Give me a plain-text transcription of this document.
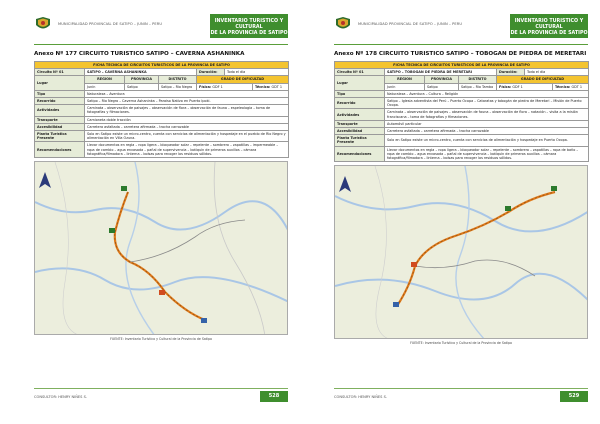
MUNICIPALIDAD PROVINCIAL DE SATIPO – JUNIN – PERU	INVENTARIO TURISTICO Y CULTURAL
DE LA PROVINCIA DE SATIPO
Anexo Nº 177 CIRCUITO TURISTICO SATIPO – CAVERNA ASHANINKA
FICHA TECNICA DE CIRCUITOS TURISTICOS DE LA PROVINCIA DE SATIPO						
Circuito Nº 01	SATIPO – CAVERNA ASHANINKA			Duración:	Todo el día	
Lugar	REGION	PROVINCIA	DISTRITO	GRADO DE DIFICULTAD		
	Junín	Satipo	Satipo – Rio Negro	Física: GDF 1		Técnica: GDT 1
Tipo	Naturaleza – Aventura					
Recorrido	Satipo – Rio Negro – Caverna Ashaninka – Paraiso Nativo en Puerto Ipoki.					
Actividades	Caminata – observación de paisajes – observación de flora – observación de fauna – espeleología – toma de fotografías y filmaciones.					
Transporte	Camioneta doble tracción					
Accesibilidad	Carretera asfaltada – carretera afirmada – trocha carrozable					
Planta Turística Presente	Solo en Satipo existe un micro-centro, cuenta con servicios de alimentación y hospedaje en el pueblo de Rio Negro y alimentación en Villa Ozuna.					
Recomendaciones	Llevar documentos en regla – ropa ligera – bloqueador solar – repelente – sombrero – zapatillas – impermeable – ropa de cambio – agua envasada – pañal de supervivencia – botiquín de primeros auxilios – cámara fotográfica/filmadora – linterna – bolsas para recoger los residuos sólidos.					
FUENTE: Inventario Turístico y Cultural de la Provincia de Satipo
CONSULTOR: HENRY NIÑES S.	528
MUNICIPALIDAD PROVINCIAL DE SATIPO – JUNIN – PERU	INVENTARIO TURISTICO Y CULTURAL
DE LA PROVINCIA DE SATIPO
Anexo Nº 178 CIRCUITO TURISTICO SATIPO – TOBOGAN DE PIEDRA DE MERETARI
FICHA TECNICA DE CIRCUITOS TURISTICOS DE LA PROVINCIA DE SATIPO						
Circuito Nº 01	SATIPO – TOBOGAN DE PIEDRA DE MERETARI			Duración:	Todo el día	
Lugar	REGION	PROVINCIA	DISTRITO	GRADO DE DIFICULTAD		
	Junín	Satipo	Satipo – Rio Tambo	Física: GDF 1		Técnica: GDT 1
Tipo	Naturaleza – Aventura – Cultura – Religión					
Recorrido	Satipo – Iglesia adventista del Perú – Puerto Ocopa – Cataratas y tobogán de piedra de Meretari – Misión de Puerto Ocopa.					
Actividades	Caminata – observación de paisajes – observación de fauna – observación de flora – natación – visita a la misión franciscana – toma de fotografías y filmaciones.					
Transporte	Automóvil particular					
Accesibilidad	Carretera asfaltada – carretera afirmada – trocha carrozable					
Planta Turística Presente	Solo en Satipo existe un micro-centro, cuenta con servicios de alimentación y hospedaje en Puerto Ocopa.					
Recomendaciones	Llevar documentos en regla – ropa ligera – bloqueador solar – repelente – sombrero – zapatillas – ropa de baño – ropa de cambio – agua envasada – pañal de supervivencia – botiquín de primeros auxilios – cámara fotográfica/filmadora – linterna – bolsas para recoger los residuos sólidos.					
FUENTE: Inventario Turístico y Cultural de la Provincia de Satipo
CONSULTOR: HENRY NIÑES S.	529
